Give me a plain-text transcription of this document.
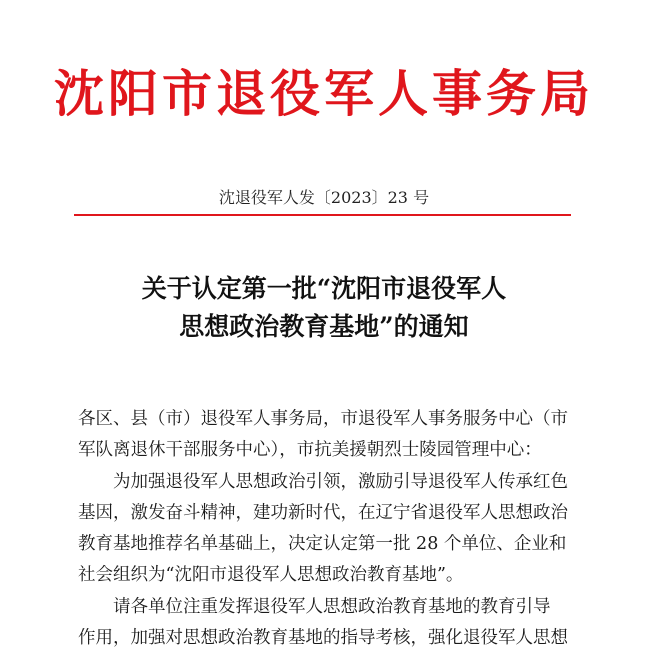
沈阳市退役军人事务局
沈退役军人发〔2023〕23 号
关于认定第一批“沈阳市退役军人
思想政治教育基地”的通知
各区、县（市）退役军人事务局，市退役军人事务服务中心（市
军队离退休干部服务中心），市抗美援朝烈士陵园管理中心：
为加强退役军人思想政治引领，激励引导退役军人传承红色
基因，激发奋斗精神，建功新时代，在辽宁省退役军人思想政治
教育基地推荐名单基础上，决定认定第一批 28 个单位、企业和
社会组织为“沈阳市退役军人思想政治教育基地”。
请各单位注重发挥退役军人思想政治教育基地的教育引导
作用，加强对思想政治教育基地的指导考核，强化退役军人思想
